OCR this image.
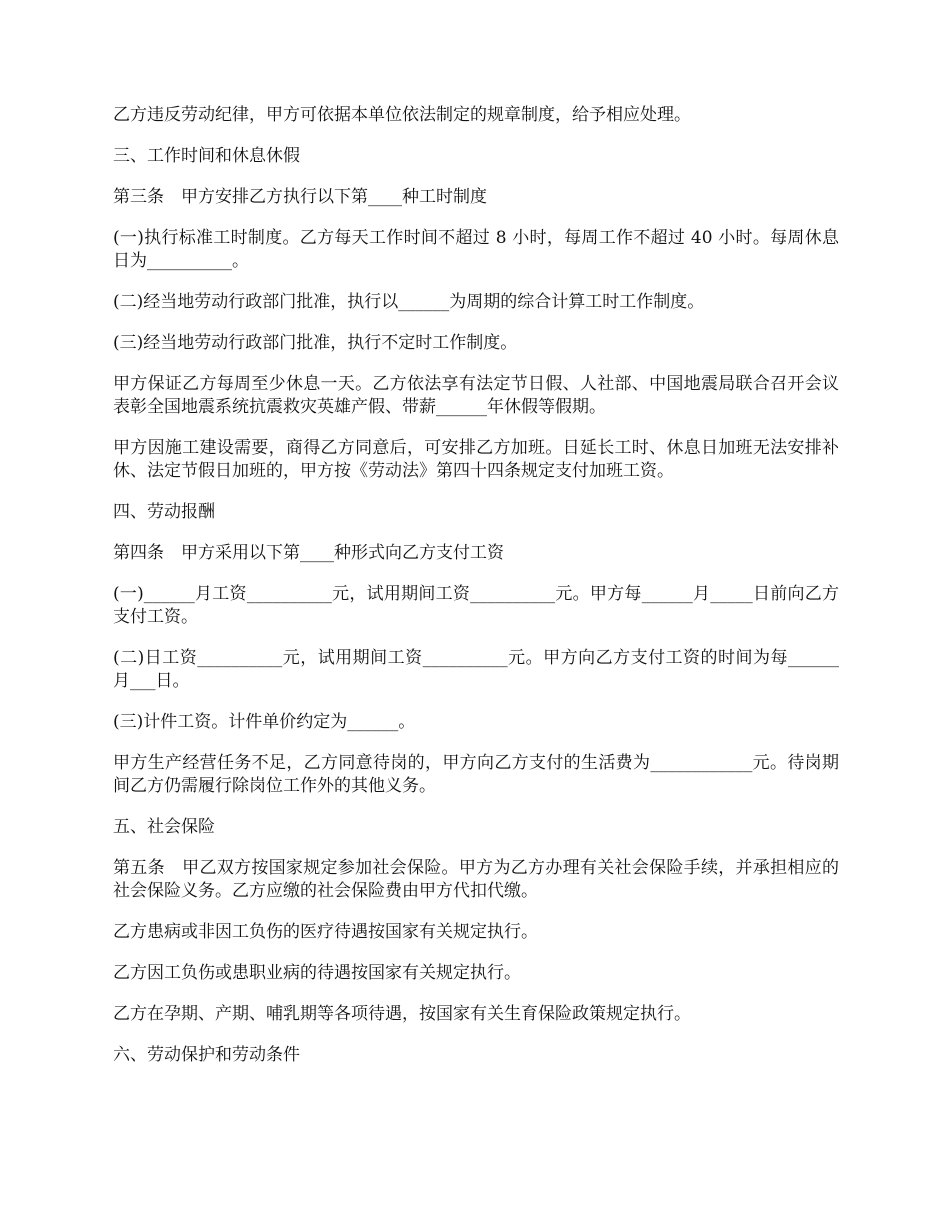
乙方违反劳动纪律，甲方可依据本单位依法制定的规章制度，给予相应处理。

三、工作时间和休息休假

第三条　甲方安排乙方执行以下第____种工时制度

(一)执行标准工时制度。乙方每天工作时间不超过 8 小时，每周工作不超过 40 小时。每周休息日为__________。

(二)经当地劳动行政部门批准，执行以______为周期的综合计算工时工作制度。

(三)经当地劳动行政部门批准，执行不定时工作制度。

甲方保证乙方每周至少休息一天。乙方依法享有法定节日假、人社部、中国地震局联合召开会议表彰全国地震系统抗震救灾英雄产假、带薪______年休假等假期。

甲方因施工建设需要，商得乙方同意后，可安排乙方加班。日延长工时、休息日加班无法安排补休、法定节假日加班的，甲方按《劳动法》第四十四条规定支付加班工资。

四、劳动报酬

第四条　甲方采用以下第____种形式向乙方支付工资

(一)______月工资__________元，试用期间工资__________元。甲方每______月_____日前向乙方支付工资。

(二)日工资__________元，试用期间工资__________元。甲方向乙方支付工资的时间为每______月___日。

(三)计件工资。计件单价约定为______。

甲方生产经营任务不足，乙方同意待岗的，甲方向乙方支付的生活费为____________元。待岗期间乙方仍需履行除岗位工作外的其他义务。

五、社会保险

第五条　甲乙双方按国家规定参加社会保险。甲方为乙方办理有关社会保险手续，并承担相应的社会保险义务。乙方应缴的社会保险费由甲方代扣代缴。

乙方患病或非因工负伤的医疗待遇按国家有关规定执行。

乙方因工负伤或患职业病的待遇按国家有关规定执行。

乙方在孕期、产期、哺乳期等各项待遇，按国家有关生育保险政策规定执行。

六、劳动保护和劳动条件
